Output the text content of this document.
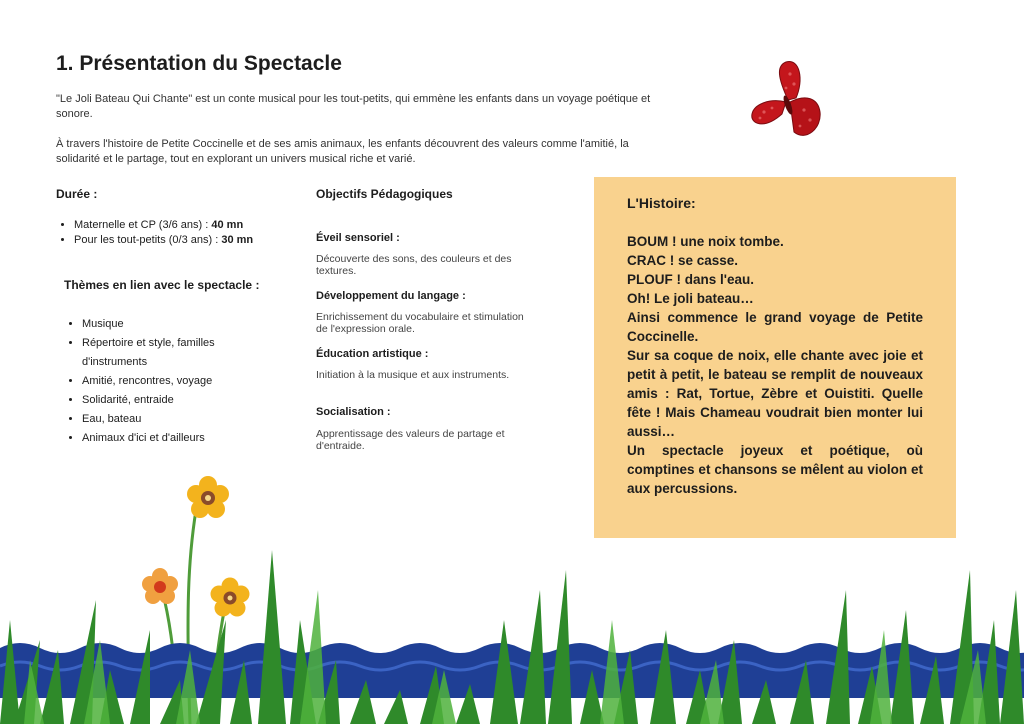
1. Présentation du Spectacle

"Le Joli Bateau Qui Chante" est un conte musical pour les tout-petits, qui emmène les enfants dans un voyage poétique et sonore.

À travers l'histoire de Petite Coccinelle et de ses amis animaux, les enfants découvrent des valeurs comme l'amitié, la solidarité et le partage, tout en explorant un univers musical riche et varié.

Durée :
• Maternelle et CP (3/6 ans) : 40 mn
• Pour les tout-petits (0/3 ans) : 30 mn
Thèmes en lien avec le spectacle :
• Musique
• Répertoire et style, familles
d'instruments
• Amitié, rencontres, voyage
• Solidarité, entraide
• Eau, bateau
• Animaux d'ici et d'ailleurs
Objectifs Pédagogiques

Éveil sensoriel :

Découverte des sons, des couleurs et des textures.

Développement du langage :

Enrichissement du vocabulaire et stimulation de l'expression orale.

Éducation artistique :

Initiation à la musique et aux instruments.

Socialisation :

Apprentissage des valeurs de partage et d'entraide.

L'Histoire:
BOUM ! une noix tombe.
CRAC ! se casse.
PLOUF ! dans l'eau.
Oh! Le joli bateau…
Ainsi commence le grand voyage de Petite Coccinelle.
Sur sa coque de noix, elle chante avec joie et petit à petit, le bateau se remplit de nouveaux amis : Rat, Tortue, Zèbre et Ouistiti. Quelle fête ! Mais Chameau voudrait bien monter lui aussi…
Un spectacle joyeux et poétique, où comptines et chansons se mêlent au violon et aux percussions.
